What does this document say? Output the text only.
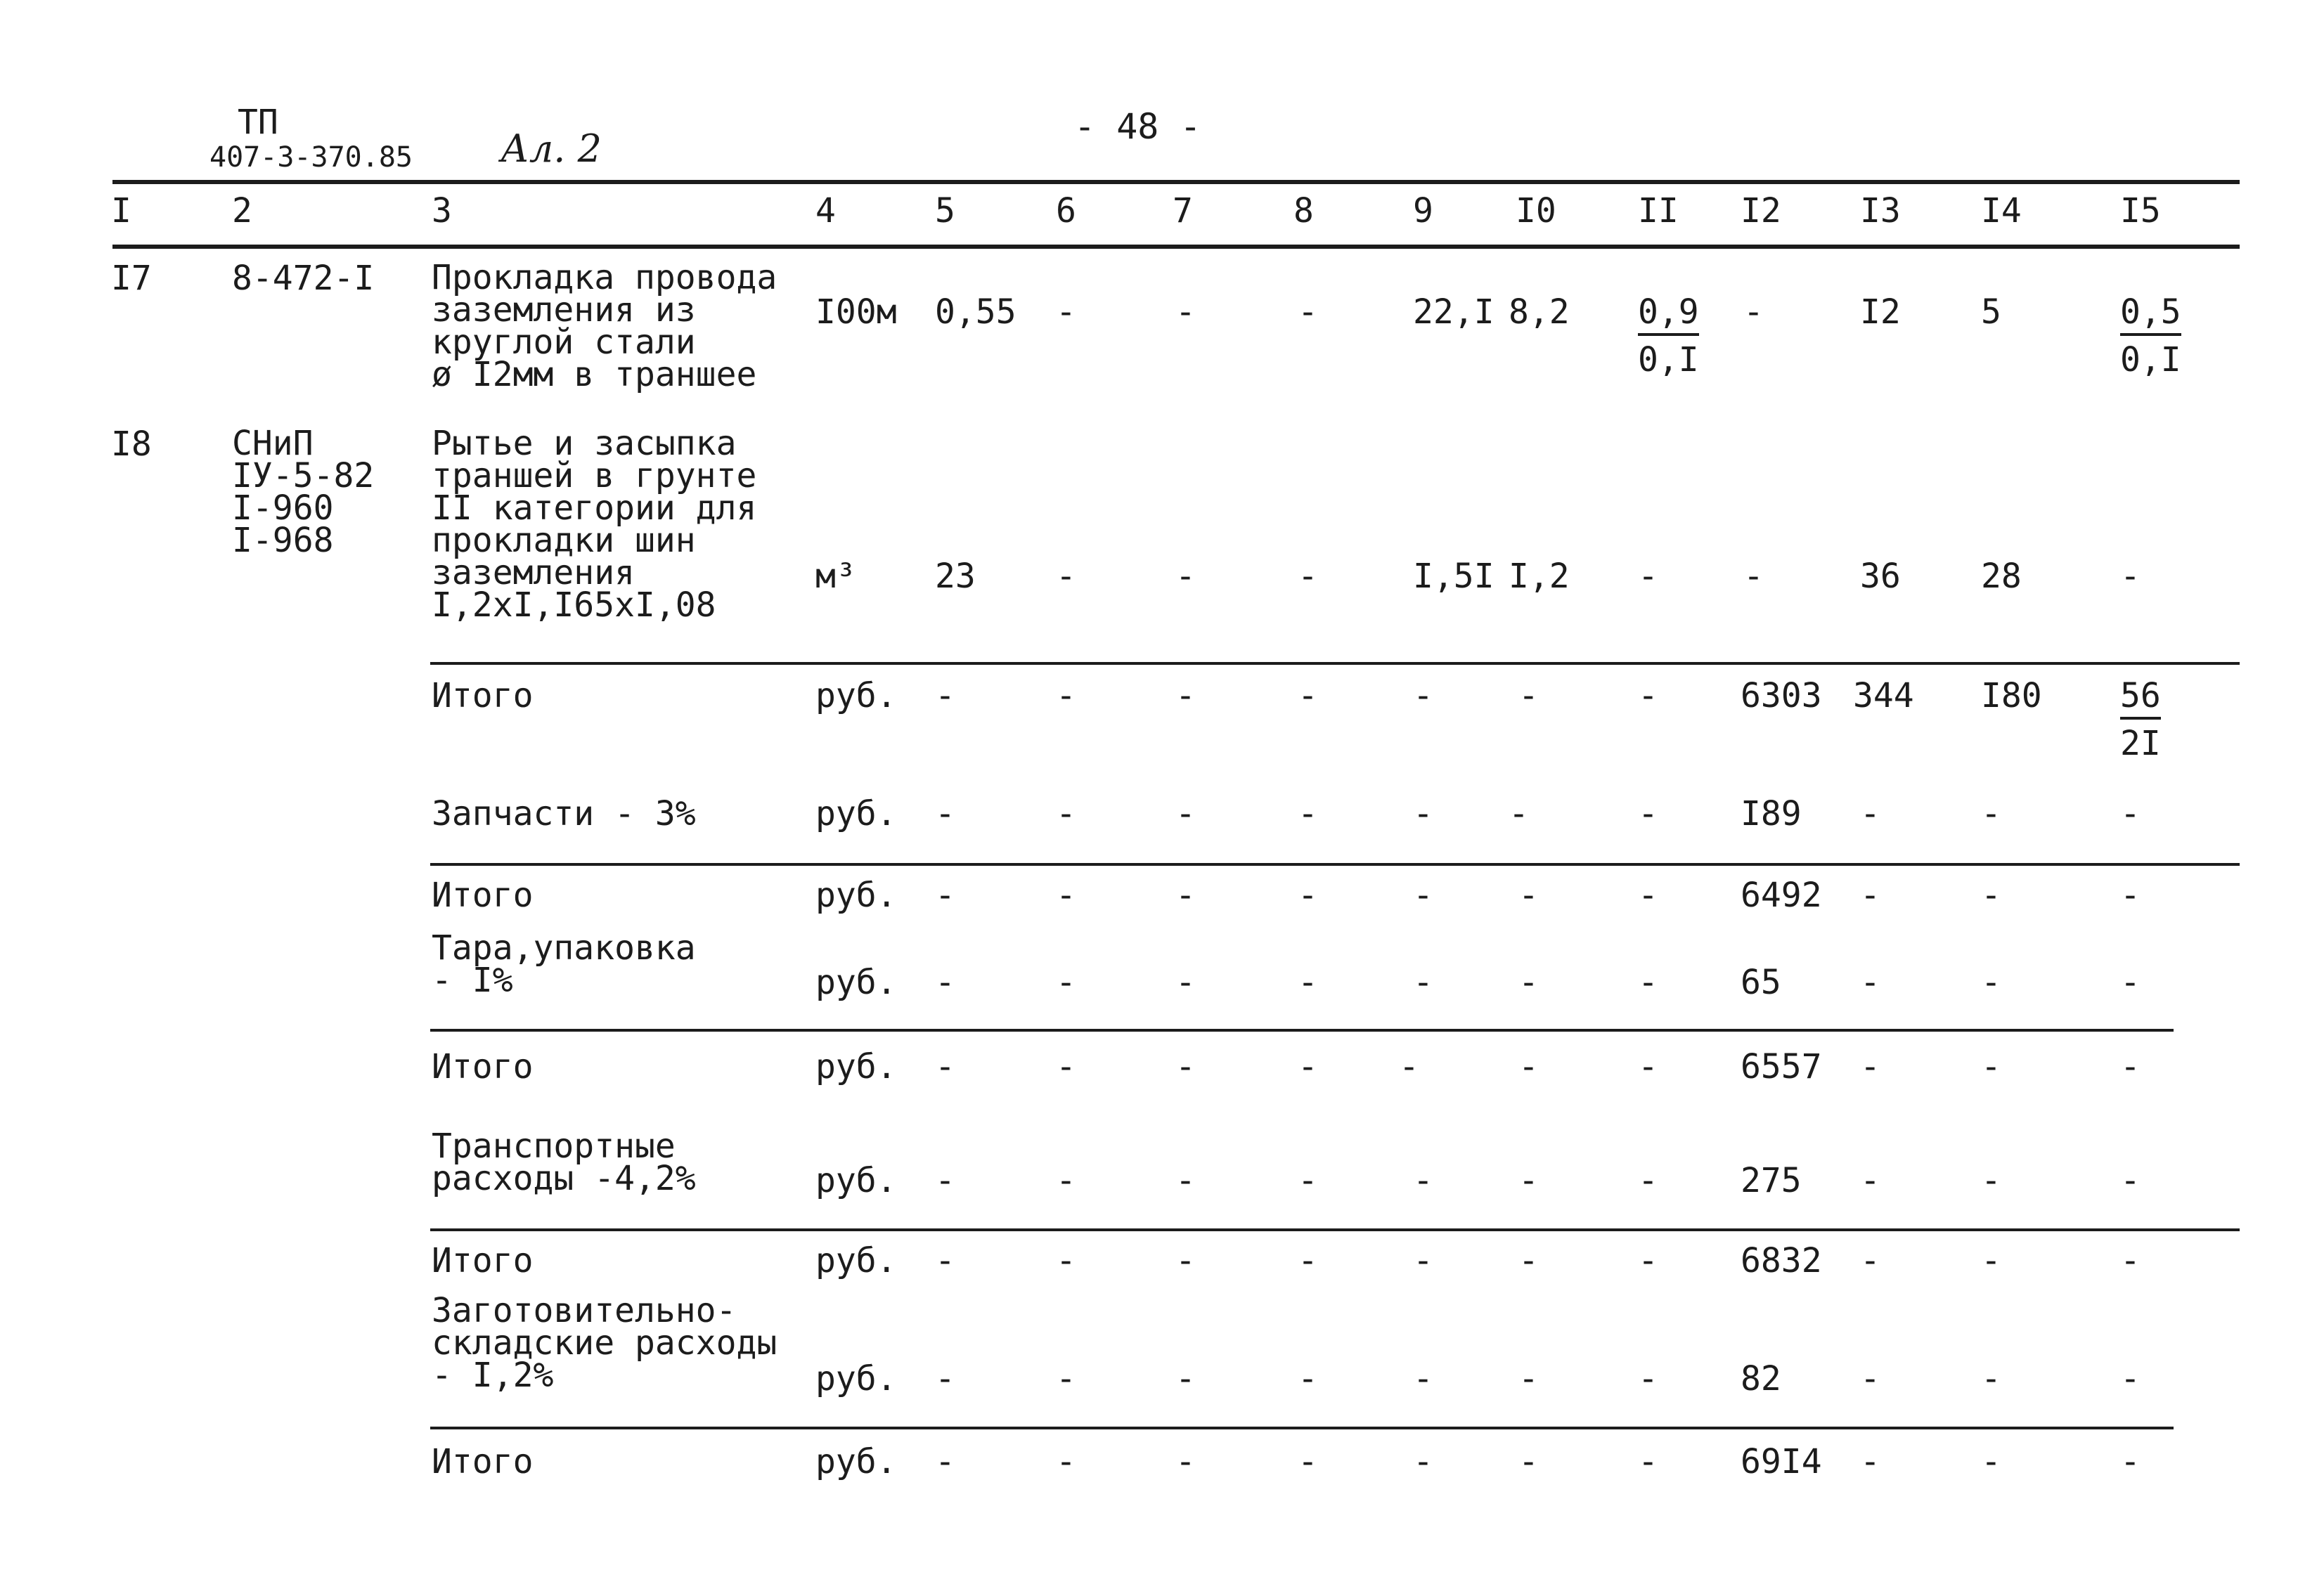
ТП
407-3-370.85 Ал. 2	- 48 -
I	2	3	4	5	6	7	8	9 I0 II I2 I3 I4	I5
I7 8-472-I Прокладка провода
заземления из
круглой стали
ø I2мм в траншее
I00м 0,55 -	-	-	22,I $8,2 \frac{0,9}{0,I}$ -	I2 5	$\frac{0,5}{0,I}$
I8 СНиП
IУ-5-82
I-960
I-968
Рытье и засыпка
траншей в грунте
II категории для
прокладки шин
заземления
I,2хI,I65хI,08
м³ 23 -	-	-	I,5I I,2 -	-	36 28	-
Итого	руб. -	-	-	-	-	-	- 6303 344 $I80 \frac{56}{2I}$
Запчасти - 3%	руб. -	-	-	-	- -	- I89 -	-	-
Итого	руб. -	-	-	-	-	-	- 6492 -	-	-
Тара,упаковка
- I%	руб. -	-	-	-	-	-	- 65 -	-	-
Итого	руб. -	-	-	- -	-	- 6557 -	-	-
Транспортные
расходы -4,2%	руб. -	-	-	-	-	-	- 275 -	-	-
Итого	руб. -	-	-	-	-	-	- 6832 -	-	-
Заготовительно-
складские расходы
- I,2%	руб. -	-	-	-	-	-	- 82 -	-	-
Итого	руб. -	-	-	-	-	-	- 69I4 -	-	-
